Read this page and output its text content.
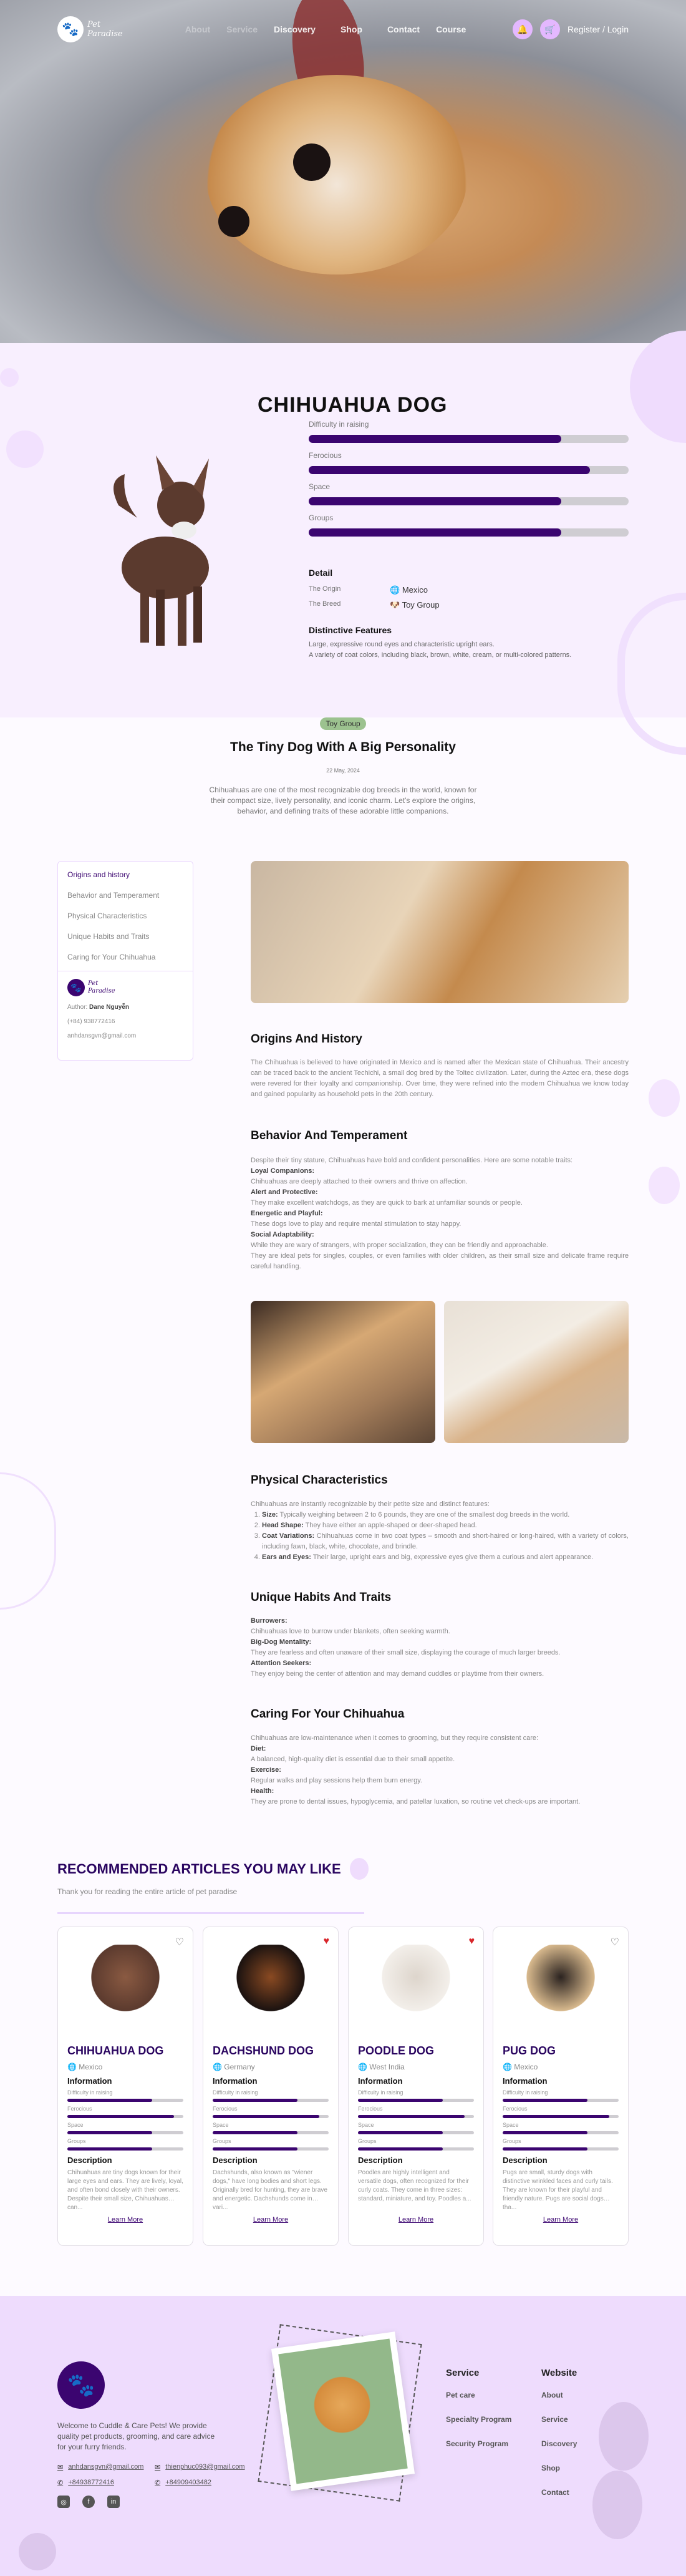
🐾	Pet
Paradise	About Service Discovery	Shop	Contact Course	🔔	🛒	Register / Login
CHIHUAHUA DOG
Difficulty in raising
Ferocious
Space
Groups
Detail
The Origin	🌐 Mexico
The Breed	🐶 Toy Group
Distinctive Features
Large, expressive round eyes and characteristic upright ears.
A variety of coat colors, including black, brown, white, cream, or multi-colored patterns.
Toy Group
The Tiny Dog With A Big Personality
22 May, 2024
Chihuahuas are one of the most recognizable dog breeds in the world, known for their compact size, lively personality, and iconic charm. Let's explore the origins, behavior, and defining traits of these adorable little companions.
Origins and history
Behavior and Temperament
Physical Characteristics
Unique Habits and Traits
Caring for Your Chihuahua
🐾	Pet
Paradise
Author: Dane Nguyễn
(+84) 938772416
anhdansgvn@gmail.com	Origins And History
The Chihuahua is believed to have originated in Mexico and is named after the Mexican state of Chihuahua. Their ancestry can be traced back to the ancient Techichi, a small dog bred by the Toltec civilization. Later, during the Aztec era, these dogs were revered for their loyalty and companionship. Over time, they were refined into the modern Chihuahua we know today and gained popularity as household pets in the 20th century.
Behavior And Temperament
Despite their tiny stature, Chihuahuas have bold and confident personalities. Here are some notable traits:
Loyal Companions:
Chihuahuas are deeply attached to their owners and thrive on affection.
Alert and Protective:
They make excellent watchdogs, as they are quick to bark at unfamiliar sounds or people.
Energetic and Playful:
These dogs love to play and require mental stimulation to stay happy.
Social Adaptability:
While they are wary of strangers, with proper socialization, they can be friendly and approachable.
They are ideal pets for singles, couples, or even families with older children, as their small size and delicate frame require careful handling.
Physical Characteristics
Chihuahuas are instantly recognizable by their petite size and distinct features:
1. Size: Typically weighing between 2 to 6 pounds, they are one of the smallest dog breeds in the world.
2. Head Shape: They have either an apple-shaped or deer-shaped head.
3. Coat Variations: Chihuahuas come in two coat types – smooth and short-haired or long-haired, with a variety of colors, including fawn, black, white, chocolate, and brindle.
4. Ears and Eyes: Their large, upright ears and big, expressive eyes give them a curious and alert appearance.
Unique Habits And Traits
Burrowers:
Chihuahuas love to burrow under blankets, often seeking warmth.
Big-Dog Mentality:
They are fearless and often unaware of their small size, displaying the courage of much larger breeds.
Attention Seekers:
They enjoy being the center of attention and may demand cuddles or playtime from their owners.
Caring For Your Chihuahua
Chihuahuas are low-maintenance when it comes to grooming, but they require consistent care:
Diet:
A balanced, high-quality diet is essential due to their small appetite.
Exercise:
Regular walks and play sessions help them burn energy.
Health:
They are prone to dental issues, hypoglycemia, and patellar luxation, so routine vet check-ups are important.
RECOMMENDED ARTICLES YOU MAY LIKE
Thank you for reading the entire article of pet paradise
♡
CHIHUAHUA DOG
🌐 Mexico
Information
Difficulty in raising
Ferocious
Space
Groups
Description
Chihuahuas are tiny dogs known for their large eyes and ears. They are lively, loyal, and often bond closely with their owners. Despite their small size, Chihuahuas can...
Learn More
♥
DACHSHUND DOG
🌐 Germany
Information
Difficulty in raising
Ferocious
Space
Groups
Description
Dachshunds, also known as "wiener dogs," have long bodies and short legs. Originally bred for hunting, they are brave and energetic. Dachshunds come in vari...
Learn More
♥
POODLE DOG
🌐 West India
Information
Difficulty in raising
Ferocious
Space
Groups
Description
Poodles are highly intelligent and versatile dogs, often recognized for their curly coats. They come in three sizes: standard, miniature, and toy. Poodles a...
Learn More
♡
PUG DOG
🌐 Mexico
Information
Difficulty in raising
Ferocious
Space
Groups
Description
Pugs are small, sturdy dogs with distinctive wrinkled faces and curly tails. They are known for their playful and friendly nature. Pugs are social dogs tha...
Learn More
🐾
Welcome to Cuddle & Care Pets! We provide quality pet products, grooming, and care advice for your furry friends.
✉ anhdansgvn@gmail.com ✉ thienphuc093@gmail.com
✆ +84938772416	✆ +84909403482
Service
Pet care
Specialty Program
Security Program
Website
About
Service
Discovery
Shop
Contact
◎	f	in
